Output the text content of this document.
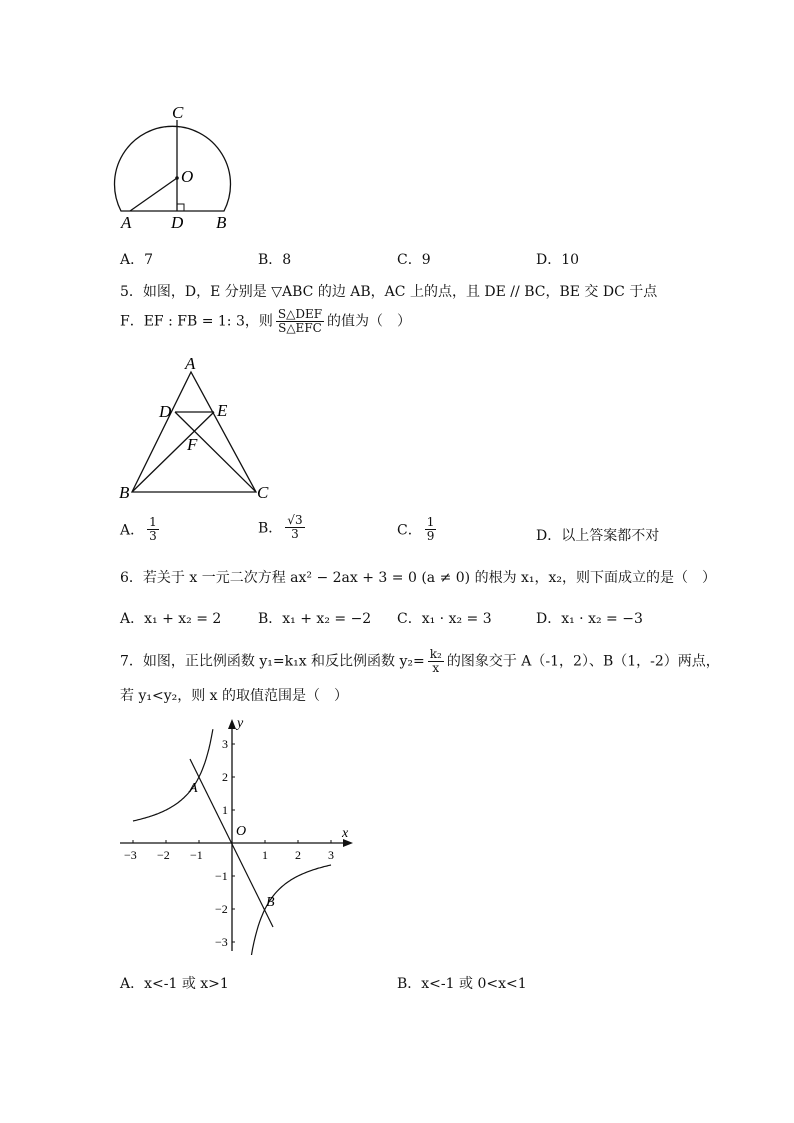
C
O
A D B
A．7	B．8	C．9	D．10
5．如图，D，E 分别是 ▽ABC 的边 AB，AC 上的点，且 DE // BC，BE 交 DC 于点
F．EF : FB = 1: 3，则 $\frac{\text{S△DEF}}{\text{S△EFC}}$ 的值为（　）
A
D	E
F
B	C
A． $\frac{1}{3}$	B． $\frac{√3}{3}$	C． $\frac{1}{9}$	D．以上答案都不对
6．若关于 x 一元二次方程 ax² − 2ax + 3 = 0 (a ≠ 0) 的根为 x₁，x₂，则下面成立的是（　）
A．x₁ + x₂ = 2	B．x₁ + x₂ = −2 C．x₁ · x₂ = 3	D．x₁ · x₂ = −3
7．如图，正比例函数 y₁=k₁x 和反比例函数 $y_2= \frac{\text{k₂}}{x}$ 的图象交于 A（-1，2）、B（1，-2）两点，
若 y₁<y₂，则 x 的取值范围是（　）
x
y
O
−3 −2 −1	1 2 3
3
2
1
−1
−2
−3
A
B
A．x<-1 或 x>1	B．x<-1 或 0<x<1
